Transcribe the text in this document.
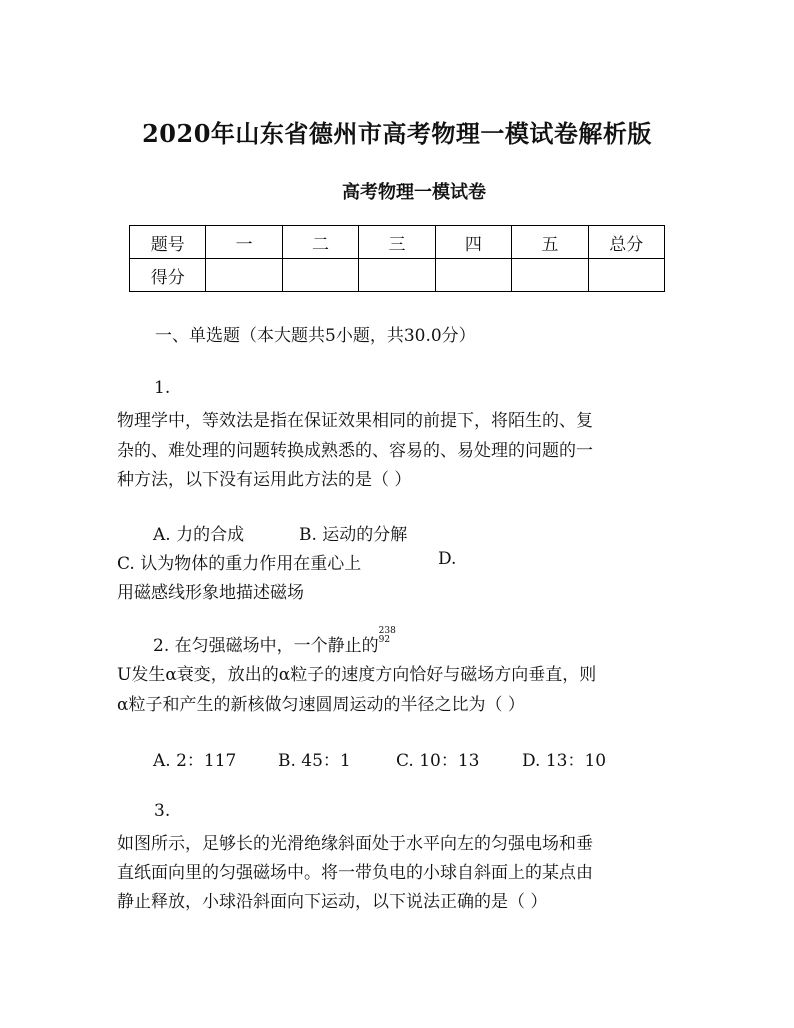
2020年山东省德州市高考物理一模试卷解析版
高考物理一模试卷
题号	一	二	三	四	五	总分
得分						
一、单选题（本大题共5小题，共30.0分）
1.
物理学中，等效法是指在保证效果相同的前提下，将陌生的、复
杂的、难处理的问题转换成熟悉的、容易的、易处理的问题的一
种方法，以下没有运用此方法的是（ ）
A. 力的合成	B. 运动的分解
C. 认为物体的重力作用在重心上	D.
用磁感线形象地描述磁场
2. 在匀强磁场中，一个静止的
$^{238 92}$
U发生α衰变，放出的α粒子的速度方向恰好与磁场方向垂直，则
α粒子和产生的新核做匀速圆周运动的半径之比为（ ）
A. 2：117 B. 45：1	C. 10：13	D. 13：10
3.
如图所示，足够长的光滑绝缘斜面处于水平向左的匀强电场和垂
直纸面向里的匀强磁场中。将一带负电的小球自斜面上的某点由
静止释放，小球沿斜面向下运动，以下说法正确的是（ ）
